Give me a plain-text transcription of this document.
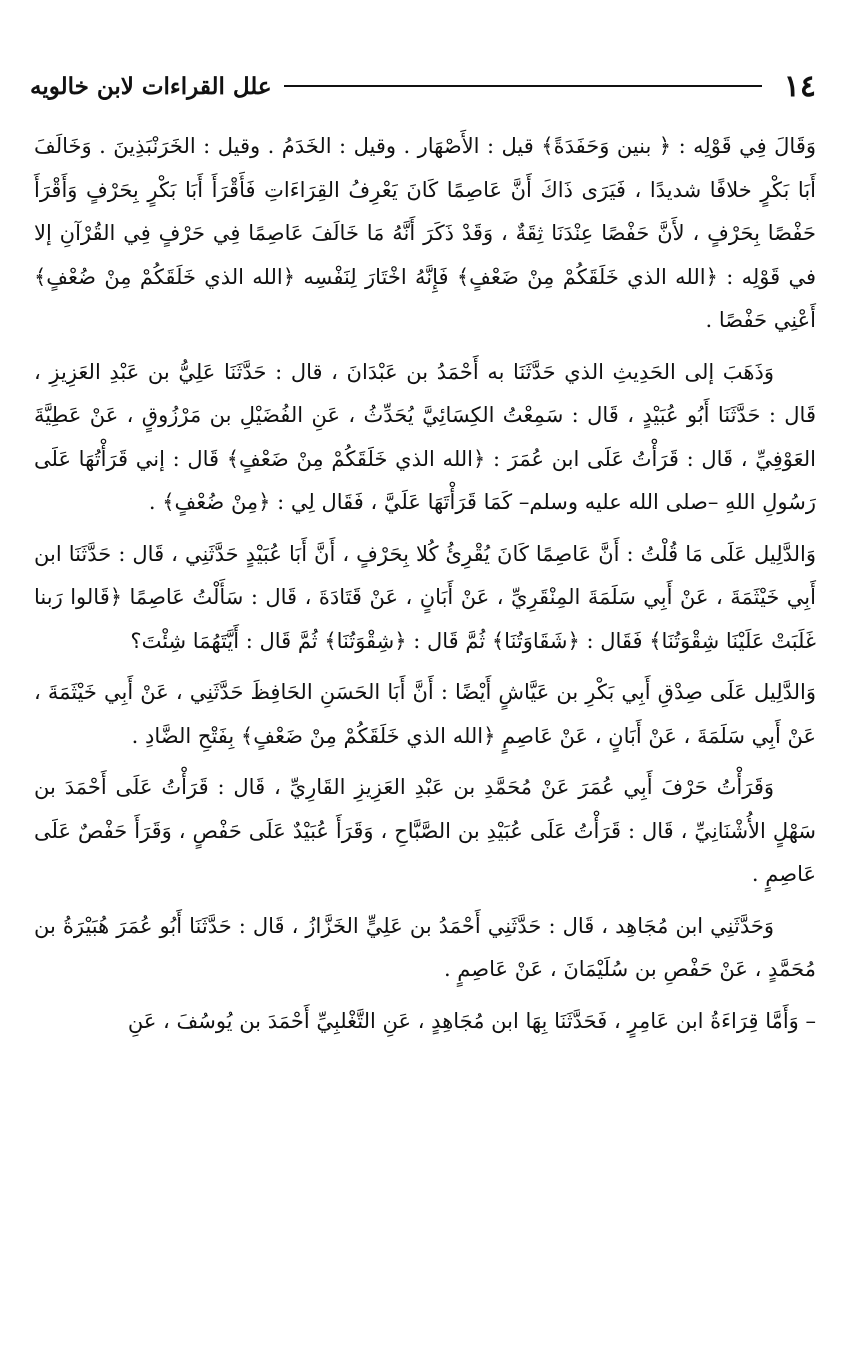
١٤
علل القراءات لابن خالويه

وَقَالَ فِي قَوْلِه : ﴿ بنين وَحَفَدَةً﴾ قيل : الأَصْهَار . وقيل : الخَدَمُ . وقيل : الخَرَنْبَذِينَ . وَخَالَفَ أَبَا بَكْرٍ خلافًا شديدًا ، فَيَرَى ذَاكَ أَنَّ عَاصِمًا كَانَ يَعْرِفُ القِرَاءَاتِ فَأَقْرَأَ أَبَا بَكْرٍ بِحَرْفٍ وَأَقْرَأَ حَفْصًا بِحَرْفٍ ، لأَنَّ حَفْصًا عِنْدَنَا ثِقَةٌ ، وَقَدْ ذَكَرَ أَنَّهُ مَا خَالَفَ عَاصِمًا فِي حَرْفٍ فِي القُرْآنِ إلا في قَوْلِه : ﴿الله الذي خَلَقَكُمْ مِنْ ضَعْفٍ﴾ فَإِنَّهُ اخْتَارَ لِنَفْسِه ﴿الله الذي خَلَقَكُمْ مِنْ ضُعْفٍ﴾ أَعْنِي حَفْصًا .

وَذَهَبَ إلى الحَدِيثِ الذي حَدَّثَنَا به أَحْمَدُ بن عَبْدَانَ ، قال : حَدَّثَنَا عَلِيُّ بن عَبْدِ العَزِيزِ ، قَال : حَدَّثَنَا أَبُو عُبَيْدٍ ، قَال : سَمِعْتُ الكِسَائِيَّ يُحَدِّثُ ، عَنِ الفُضَيْلِ بن مَرْزُوقٍ ، عَنْ عَطِيَّةَ العَوْفِيِّ ، قَال : قَرَأْتُ عَلَى ابن عُمَرَ : ﴿الله الذي خَلَقَكُمْ مِنْ ضَعْفٍ﴾ قَال : إني قَرَأْتُهَا عَلَى رَسُولِ اللهِ –صلى الله عليه وسلم– كَمَا قَرَأْتَهَا عَلَيَّ ، فَقَال لِي : ﴿مِنْ ضُعْفٍ﴾ .

وَالدَّلِيل عَلَى مَا قُلْتُ : أَنَّ عَاصِمًا كَانَ يُقْرِئُ كُلا بِحَرْفٍ ، أَنَّ أَبَا عُبَيْدٍ حَدَّثَنِي ، قَال : حَدَّثَنَا ابن أَبِي خَيْثَمَةَ ، عَنْ أَبِي سَلَمَةَ المِنْقَرِيِّ ، عَنْ أَبَانٍ ، عَنْ قَتَادَةَ ، قَال : سَأَلْتُ عَاصِمًا ﴿قَالوا رَبنا غَلَبَتْ عَلَيْنَا شِقْوَتُنَا﴾ فَقَال : ﴿شَقَاوَتُنَا﴾ ثُمَّ قَال : ﴿شِقْوَتُنَا﴾ ثُمَّ قَال : أَيَّتَهُمَا شِئْتَ؟

وَالدَّلِيل عَلَى صِدْقِ أَبِي بَكْرِ بن عَيَّاشٍ أَيْضًا : أَنَّ أَبَا الحَسَنِ الحَافِظَ حَدَّثَنِي ، عَنْ أَبِي خَيْثَمَةَ ، عَنْ أَبِي سَلَمَةَ ، عَنْ أَبَانٍ ، عَنْ عَاصِمٍ ﴿الله الذي خَلَقَكُمْ مِنْ ضَعْفٍ﴾ بِفَتْحِ الضَّادِ .

وَقَرَأْتُ حَرْفَ أَبِي عُمَرَ عَنْ مُحَمَّدِ بن عَبْدِ العَزِيزِ القَارِيِّ ، قَال : قَرَأْتُ عَلَى أَحْمَدَ بن سَهْلٍ الأُشْنَانِيِّ ، قَال : قَرَأْتُ عَلَى عُبَيْدِ بن الصَّبَّاحِ ، وَقَرَأَ عُبَيْدٌ عَلَى حَفْصٍ ، وَقَرَأَ حَفْصٌ عَلَى عَاصِمٍ .

وَحَدَّثَنِي ابن مُجَاهِد ، قَال : حَدَّثَنِي أَحْمَدُ بن عَلِيٍّ الخَزَّازُ ، قَال : حَدَّثَنَا أَبُو عُمَرَ هُبَيْرَةُ بن مُحَمَّدٍ ، عَنْ حَفْصِ بن سُلَيْمَانَ ، عَنْ عَاصِمٍ .

– وَأَمَّا قِرَاءَةُ ابن عَامِرٍ ، فَحَدَّثَنَا بِهَا ابن مُجَاهِدٍ ، عَنِ التَّغْلبِيِّ أَحْمَدَ بن يُوسُفَ ، عَنِ
